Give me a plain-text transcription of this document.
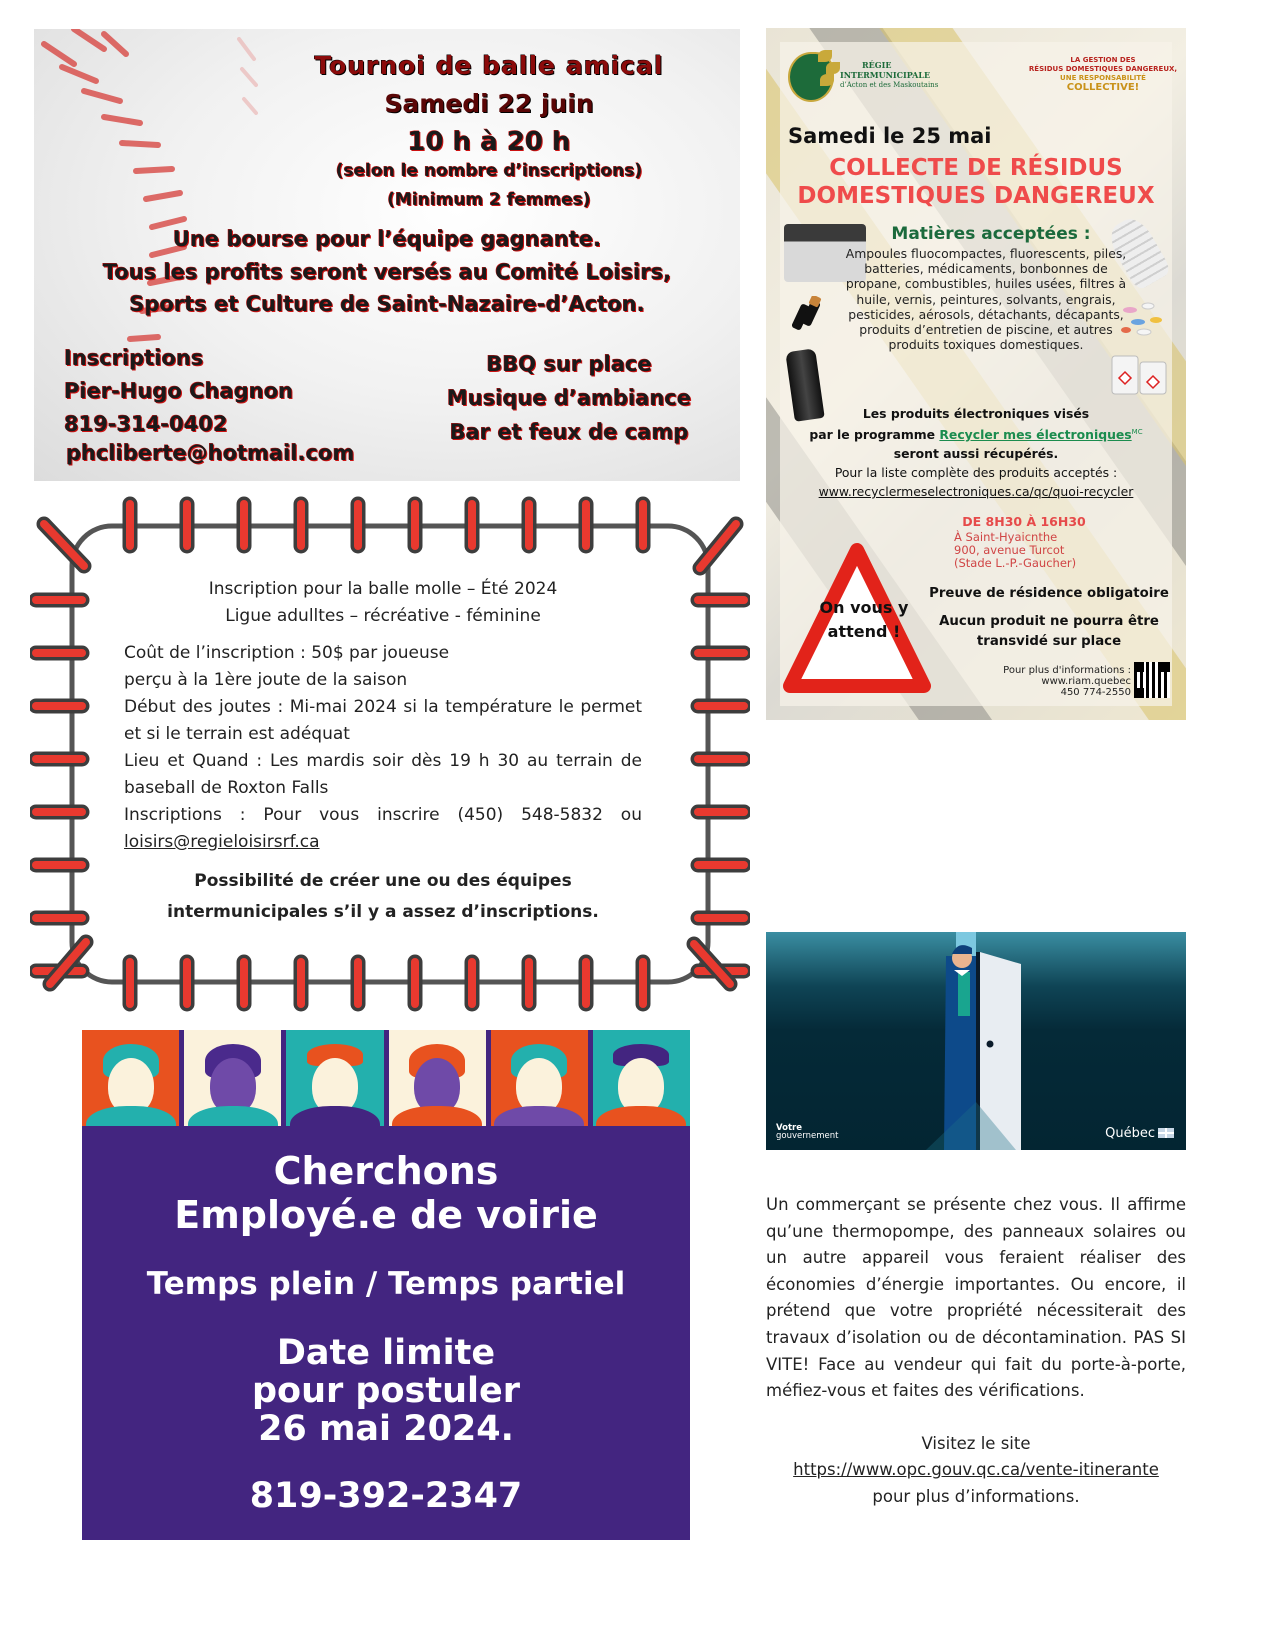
Tournoi de balle amical
Samedi 22 juin
10 h à 20 h
(selon le nombre d’inscriptions)
(Minimum 2 femmes)
Une bourse pour l’équipe gagnante.
Tous les profits seront versés au Comité Loisirs,
Sports et Culture de Saint-Nazaire-d’Acton.
Inscriptions
Pier-Hugo Chagnon
819-314-0402
phcliberte@hotmail.com
BBQ sur place
Musique d’ambiance
Bar et feux de camp
Inscription pour la balle molle – Été 2024
Ligue adulltes – récréative - féminine
Coût de l’inscription : 50$ par joueuse
perçu à la 1ère joute de la saison
Début des joutes : Mi-mai 2024 si la température le permet et si le terrain est adéquat
Lieu et Quand : Les mardis soir dès 19 h 30 au terrain de baseball de Roxton Falls
Inscriptions : Pour vous inscrire (450) 548-5832 ou
loisirs@regieloisirsrf.ca
Possibilité de créer une ou des équipes
intermunicipales s’il y a assez d’inscriptions.
Cherchons
Employé.e de voirie
Temps plein / Temps partiel
Date limite
pour postuler
26 mai 2024.
819-392-2347
RÉGIE
INTERMUNICIPALE
d’Acton et des Maskoutains
LA GESTION DES
RÉSIDUS DOMESTIQUES DANGEREUX,
UNE RESPONSABILITÉ
COLLECTIVE!
Samedi le 25 mai
COLLECTE DE RÉSIDUS
DOMESTIQUES DANGEREUX
Matières acceptées :
Ampoules fluocompactes, fluorescents, piles, batteries, médicaments, bonbonnes de propane, combustibles, huiles usées, filtres à huile, vernis, peintures, solvants, engrais, pesticides, aérosols, détachants, décapants, produits d’entretien de piscine, et autres produits toxiques domestiques.
Les produits électroniques visés
par le programme Recycler mes électroniques$^{MC}$
seront aussi récupérés.
Pour la liste complète des produits acceptés :
www.recyclermeselectroniques.ca/qc/quoi-recycler
DE 8H30 À 16H30
À Saint-Hyaicnthe
900, avenue Turcot
(Stade L.-P.-Gaucher)
On vous y attend !
Preuve de résidence obligatoire
Aucun produit ne pourra être transvidé sur place
Pour plus d'informations :
www.riam.quebec
450 774-2550
Votre
gouvernement	Québec
Un commerçant se présente chez vous. Il affirme qu’une thermopompe, des panneaux solaires ou un autre appareil vous feraient réaliser des économies d’énergie importantes. Ou encore, il prétend que votre propriété nécessiterait des travaux d’isolation ou de décontamination. PAS SI VITE! Face au vendeur qui fait du porte-à-porte, méfiez-vous et faites des vérifications.
Visitez le site
https://www.opc.gouv.qc.ca/vente-itinerante
pour plus d’informations.
